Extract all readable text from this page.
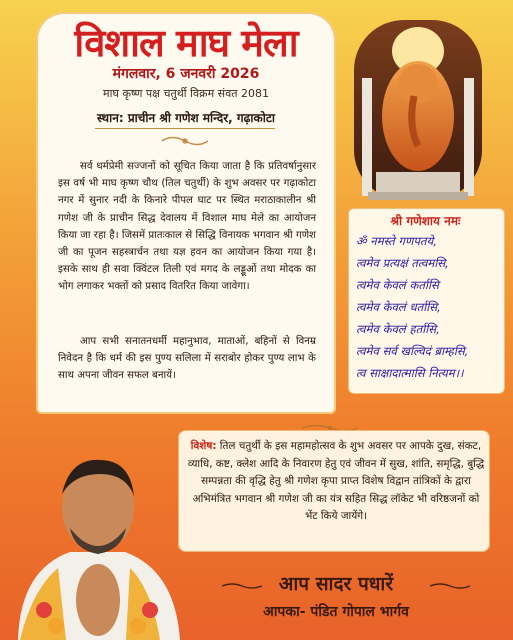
विशाल माघ मेला
मंगलवार, 6 जनवरी 2026
माघ कृष्ण पक्ष चतुर्थी विक्रम संवत 2081
स्थान: प्राचीन श्री गणेश मन्दिर, गढ़ाकोटा
सर्व धर्मप्रेमी सज्जनों को सूचित किया जाता है कि प्रतिवर्षानुसार इस वर्ष भी माघ कृष्ण चौथ (तिल चतुर्थी) के शुभ अवसर पर गढ़ाकोटा नगर में सुनार नदी के किनारे पीपल घाट पर स्थित मराठाकालीन श्री गणेश जी के प्राचीन सिद्ध देवालय में विशाल माघ मेले का आयोजन किया जा रहा है। जिसमें प्रातःकाल से सिद्धि विनायक भगवान श्री गणेश जी का पूजन सहस्त्रार्चन तथा यज्ञ हवन का आयोजन किया गया है। इसके साथ ही सवा क्विंटल तिली एवं मगद के लड्डूओं तथा मोदक का भोग लगाकर भक्तों को प्रसाद वितरित किया जावेगा।
आप सभी सनातनधर्मी महानुभाव, माताओं, बहिनों से विनम्र निवेदन है कि धर्म की इस पुण्य सलिला में सराबोर होकर पुण्य लाभ के साथ अपना जीवन सफल बनायें।
श्री गणेशाय नमः
ॐ नमस्ते गणपतये,
त्वमेव प्रत्यक्षं तत्वमसि,
त्वमेव केवलं कर्तासि
त्वमेव केवलं धर्तासि,
त्वमेव केवलं हर्तासि,
त्वमेव सर्व खल्विदं ब्राम्हसि,
त्व साक्षादात्मासि नित्यम।।
विशेष: तिल चतुर्थी के इस महामहोत्सव के शुभ अवसर पर आपके दुख, संकट, व्याधि, कष्ट, क्लेश आदि के निवारण हेतु एवं जीवन में सुख, शांति, समृद्धि, बुद्धि सम्पन्नता की वृद्धि हेतु श्री गणेश कृपा प्राप्त विशेष विद्वान तांत्रिकों के द्वारा अभिमंत्रित भगवान श्री गणेश जी का यंत्र सहित सिद्ध लॉकेट भी वरिष्ठजनों को भेंट किये जायेंगे।
आप सादर पधारें
आपका- पंडित गोपाल भार्गव
